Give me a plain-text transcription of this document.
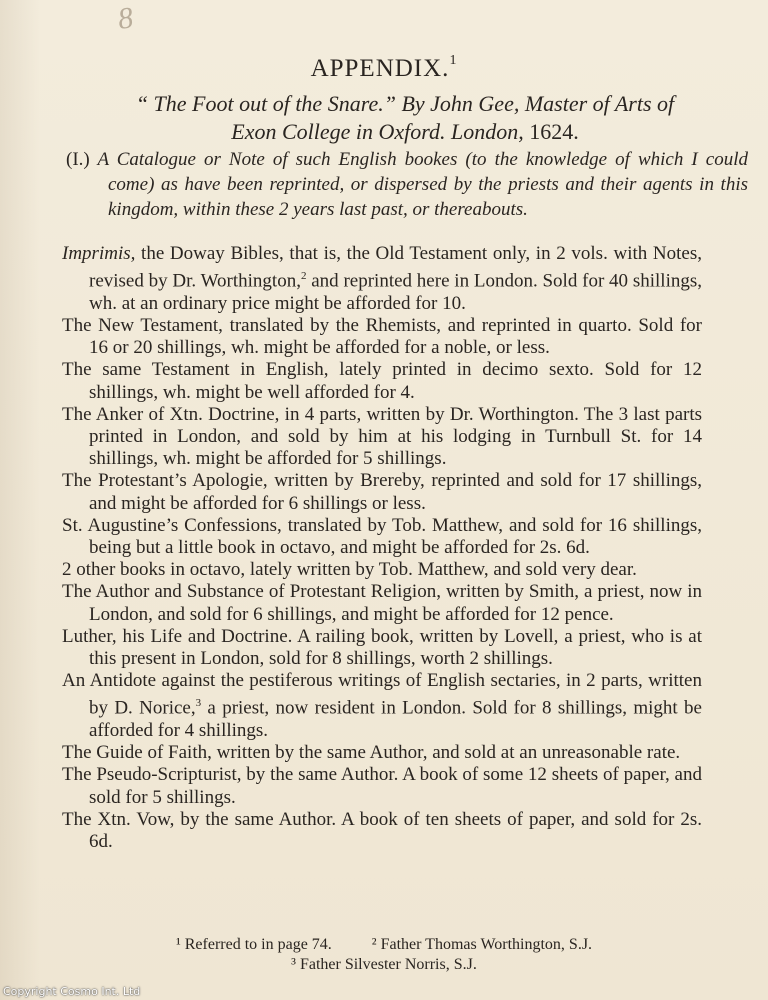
8
APPENDIX.$^1$
“ The Foot out of the Snare.” By John Gee, Master of Arts of
Exon College in Oxford. London, 1624.
(I.) A Catalogue or Note of such English bookes (to the knowledge of which I could come) as have been reprinted, or dispersed by the priests and their agents in this kingdom, within these 2 years last past, or thereabouts.
Imprimis, the Doway Bibles, that is, the Old Testament only, in 2 vols. with Notes, revised by Dr. Worthington,$^2$ and reprinted here in London. Sold for 40 shillings, wh. at an ordinary price might be afforded for 10.
The New Testament, translated by the Rhemists, and reprinted in quarto. Sold for 16 or 20 shillings, wh. might be afforded for a noble, or less.
The same Testament in English, lately printed in decimo sexto. Sold for 12 shillings, wh. might be well afforded for 4.
The Anker of Xtn. Doctrine, in 4 parts, written by Dr. Worthington. The 3 last parts printed in London, and sold by him at his lodging in Turnbull St. for 14 shillings, wh. might be afforded for 5 shillings.
The Protestant’s Apologie, written by Brereby, reprinted and sold for 17 shillings, and might be afforded for 6 shillings or less.
St. Augustine’s Confessions, translated by Tob. Matthew, and sold for 16 shillings, being but a little book in octavo, and might be afforded for 2s. 6d.
2 other books in octavo, lately written by Tob. Matthew, and sold very dear.
The Author and Substance of Protestant Religion, written by Smith, a priest, now in London, and sold for 6 shillings, and might be afforded for 12 pence.
Luther, his Life and Doctrine. A railing book, written by Lovell, a priest, who is at this present in London, sold for 8 shillings, worth 2 shillings.
An Antidote against the pestiferous writings of English sectaries, in 2 parts, written by D. Norice,$^3$ a priest, now resident in London. Sold for 8 shillings, might be afforded for 4 shillings.
The Guide of Faith, written by the same Author, and sold at an unreasonable rate.
The Pseudo-Scripturist, by the same Author. A book of some 12 sheets of paper, and sold for 5 shillings.
The Xtn. Vow, by the same Author. A book of ten sheets of paper, and sold for 2s. 6d.
¹ Referred to in page 74.	² Father Thomas Worthington, S.J.
³ Father Silvester Norris, S.J.
Copyright Cosmo Int. Ltd
